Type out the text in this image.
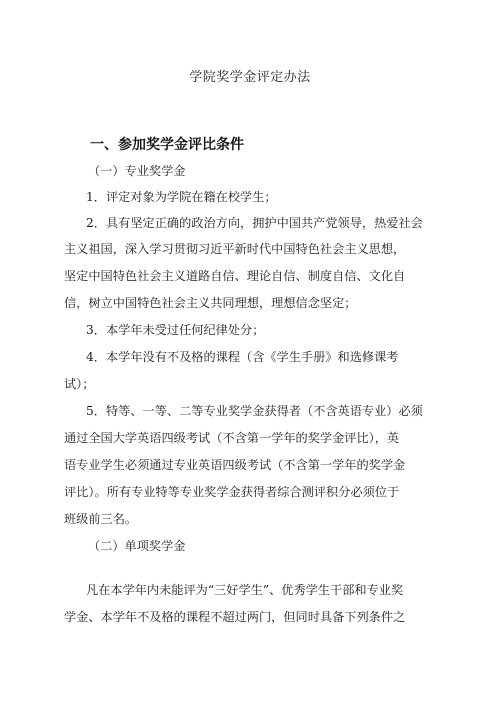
学院奖学金评定办法
一、参加奖学金评比条件
（一）专业奖学金
1．评定对象为学院在籍在校学生；
2．具有坚定正确的政治方向，拥护中国共产党领导，热爱社会
主义祖国，深入学习贯彻习近平新时代中国特色社会主义思想，
坚定中国特色社会主义道路自信、理论自信、制度自信、文化自
信，树立中国特色社会主义共同理想，理想信念坚定；
3．本学年未受过任何纪律处分；
4．本学年没有不及格的课程（含《学生手册》和选修课考
试）；
5．特等、一等、二等专业奖学金获得者（不含英语专业）必须
通过全国大学英语四级考试（不含第一学年的奖学金评比），英
语专业学生必须通过专业英语四级考试（不含第一学年的奖学金
评比）。所有专业特等专业奖学金获得者综合测评积分必须位于
班级前三名。
（二）单项奖学金
凡在本学年内未能评为“三好学生”、优秀学生干部和专业奖
学金、本学年不及格的课程不超过两门，但同时具备下列条件之
